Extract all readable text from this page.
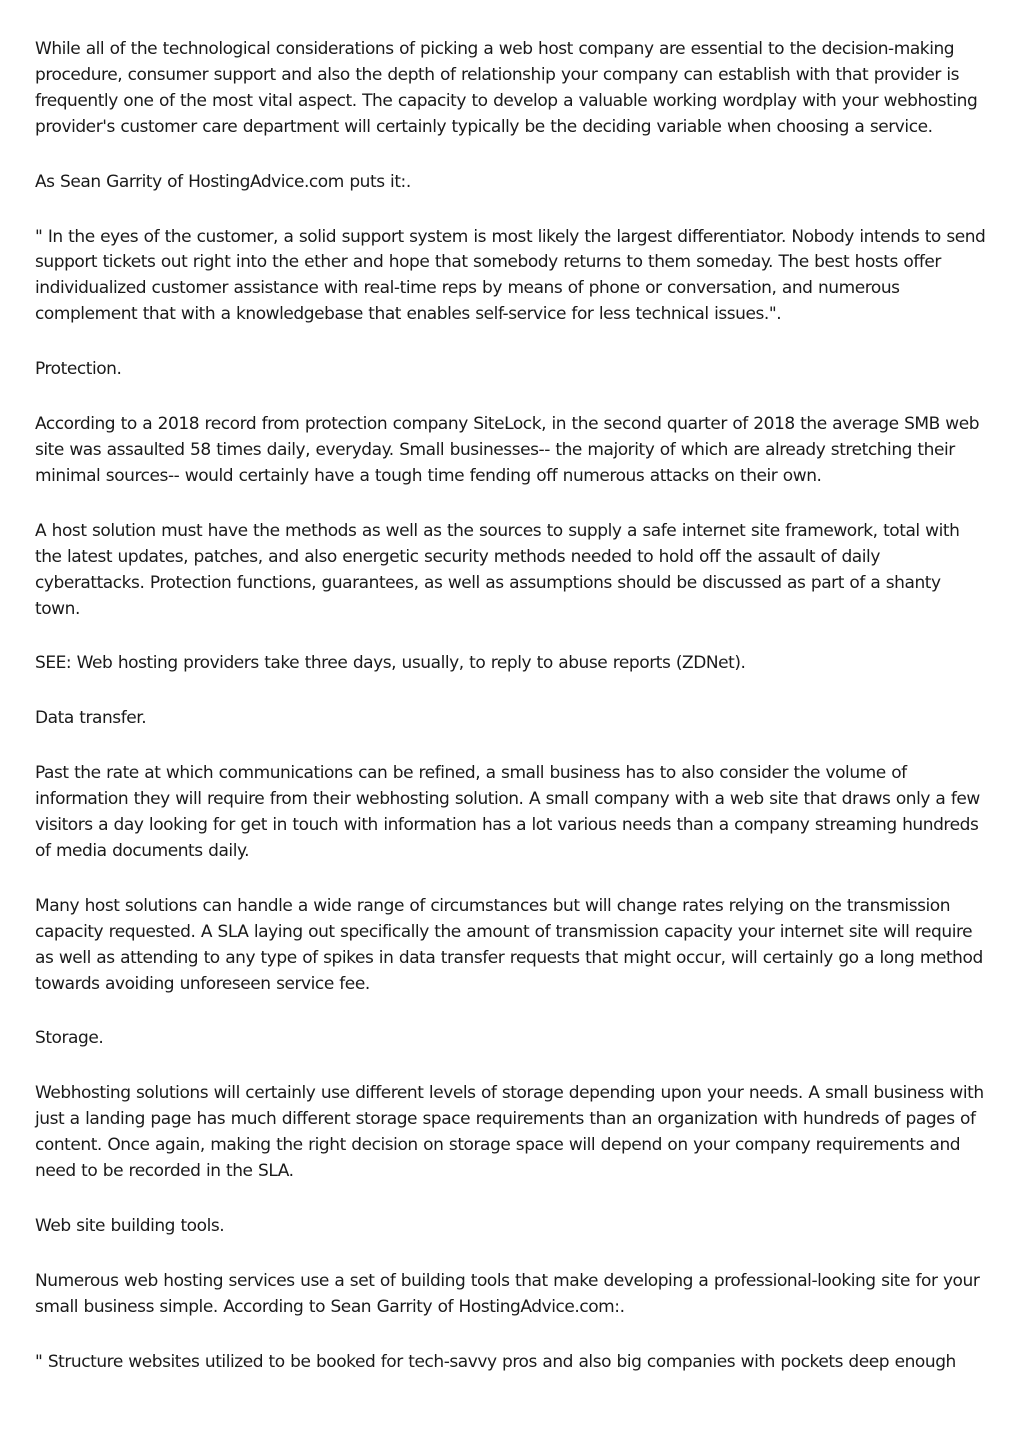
While all of the technological considerations of picking a web host company are essential to the decision-making procedure, consumer support and also the depth of relationship your company can establish with that provider is frequently one of the most vital aspect. The capacity to develop a valuable working wordplay with your webhosting provider's customer care department will certainly typically be the deciding variable when choosing a service.

As Sean Garrity of HostingAdvice.com puts it:.

" In the eyes of the customer, a solid support system is most likely the largest differentiator. Nobody intends to send support tickets out right into the ether and hope that somebody returns to them someday. The best hosts offer individualized customer assistance with real-time reps by means of phone or conversation, and numerous complement that with a knowledgebase that enables self-service for less technical issues.".

Protection.

According to a 2018 record from protection company SiteLock, in the second quarter of 2018 the average SMB web site was assaulted 58 times daily, everyday. Small businesses-- the majority of which are already stretching their minimal sources-- would certainly have a tough time fending off numerous attacks on their own.

A host solution must have the methods as well as the sources to supply a safe internet site framework, total with the latest updates, patches, and also energetic security methods needed to hold off the assault of daily cyberattacks. Protection functions, guarantees, as well as assumptions should be discussed as part of a shanty town.

SEE: Web hosting providers take three days, usually, to reply to abuse reports (ZDNet).

Data transfer.

Past the rate at which communications can be refined, a small business has to also consider the volume of information they will require from their webhosting solution. A small company with a web site that draws only a few visitors a day looking for get in touch with information has a lot various needs than a company streaming hundreds of media documents daily.

Many host solutions can handle a wide range of circumstances but will change rates relying on the transmission capacity requested. A SLA laying out specifically the amount of transmission capacity your internet site will require as well as attending to any type of spikes in data transfer requests that might occur, will certainly go a long method towards avoiding unforeseen service fee.

Storage.

Webhosting solutions will certainly use different levels of storage depending upon your needs. A small business with just a landing page has much different storage space requirements than an organization with hundreds of pages of content. Once again, making the right decision on storage space will depend on your company requirements and need to be recorded in the SLA.

Web site building tools.

Numerous web hosting services use a set of building tools that make developing a professional-looking site for your small business simple. According to Sean Garrity of HostingAdvice.com:.

" Structure websites utilized to be booked for tech-savvy pros and also big companies with pockets deep enough
